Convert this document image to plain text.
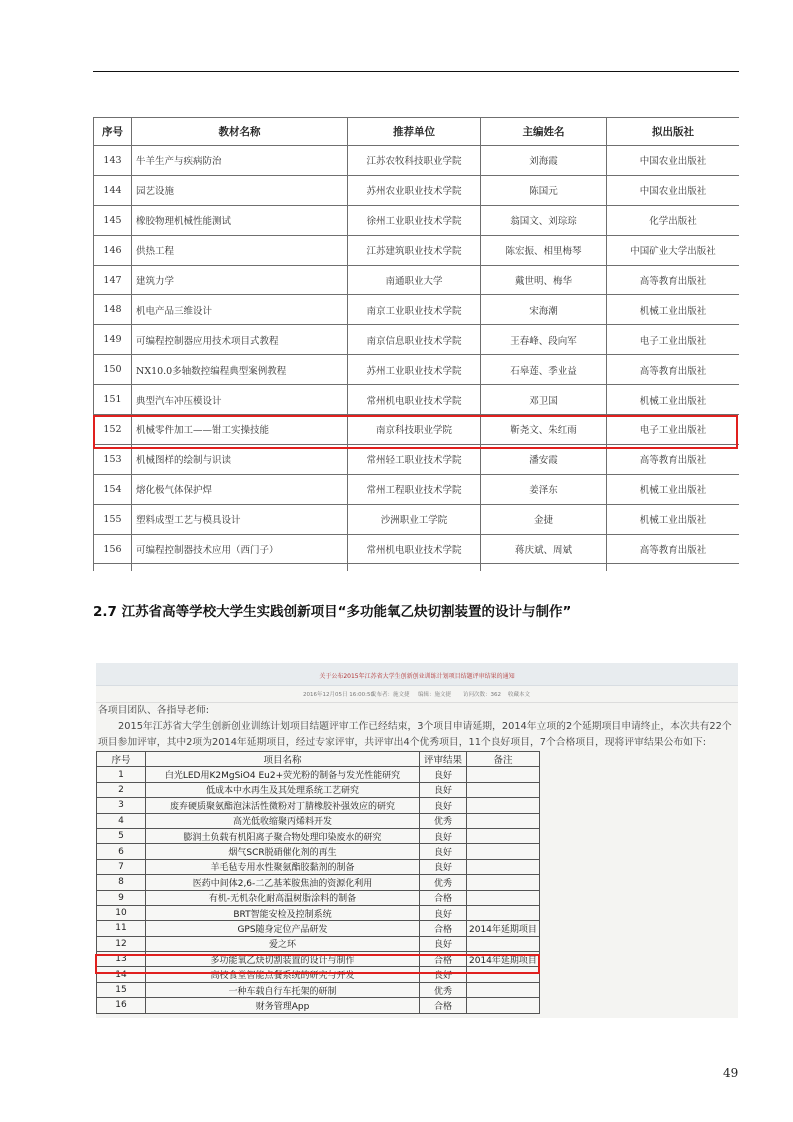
序号	教材名称	推荐单位	主编姓名	拟出版社
143	牛羊生产与疾病防治	江苏农牧科技职业学院	刘海霞	中国农业出版社
144	园艺设施	苏州农业职业技术学院	陈国元	中国农业出版社
145	橡胶物理机械性能测试	徐州工业职业技术学院	翁国文、刘琮琮	化学出版社
146	供热工程	江苏建筑职业技术学院	陈宏振、相里梅琴	中国矿业大学出版社
147	建筑力学	南通职业大学	戴世明、梅华	高等教育出版社
148	机电产品三维设计	南京工业职业技术学院	宋海潮	机械工业出版社
149	可编程控制器应用技术项目式教程	南京信息职业技术学院	王春峰、段向军	电子工业出版社
150	NX10.0多轴数控编程典型案例教程	苏州工业职业技术学院	石皋莲、季业益	高等教育出版社
151	典型汽车冲压模设计	常州机电职业技术学院	邓卫国	机械工业出版社
152	机械零件加工——钳工实操技能	南京科技职业学院	靳尧文、朱红雨	电子工业出版社
153	机械图样的绘制与识读	常州轻工职业技术学院	潘安霞	高等教育出版社
154	熔化极气体保护焊	常州工程职业技术学院	姜泽东	机械工业出版社
155	塑料成型工艺与模具设计	沙洲职业工学院	金捷	机械工业出版社
156	可编程控制器技术应用（西门子）	常州机电职业技术学院	蒋庆斌、周斌	高等教育出版社

2.7 江苏省高等学校大学生实践创新项目“多功能氧乙炔切割装置的设计与制作”
关于公布2015年江苏省大学生创新创业训练计划项目结题评审结果的通知
2016年12月05日 16:00:50
发布者：施文捷 编辑：施文捷 访问次数：362 收藏本文

各项目团队、各指导老师:

2015年江苏省大学生创新创业训练计划项目结题评审工作已经结束，3个项目申请延期，2014年立项的2个延期项目申请终止，本次共有22个

项目参加评审，其中2项为2014年延期项目，经过专家评审，共评审出4个优秀项目，11个良好项目，7个合格项目，现将评审结果公布如下:

序号	项目名称	评审结果	备注
1	白光LED用K2MgSiO4 Eu2+荧光粉的制备与发光性能研究	良好	
2	低成本中水再生及其处理系统工艺研究	良好	
3	废弃硬质聚氨酯泡沫活性微粉对丁腈橡胶补强效应的研究	良好	
4	高光低收缩聚丙烯料开发	优秀	
5	膨润土负载有机阳离子聚合物处理印染废水的研究	良好	
6	烟气SCR脱硝催化剂的再生	良好	
7	羊毛毡专用水性聚氨酯胶黏剂的制备	良好	
8	医药中间体2,6-二乙基苯胺焦油的资源化利用	优秀	
9	有机-无机杂化耐高温树脂涂料的制备	合格	
10	BRT智能安检及控制系统	良好	
11	GPS随身定位产品研发	合格	2014年延期项目
12	爱之环	良好	
13	多功能氧乙炔切割装置的设计与制作	合格	2014年延期项目
14	高校食堂智能点餐系统的研究与开发	良好	
15	一种车载自行车托架的研制	优秀	
16	财务管理App	合格	
49
